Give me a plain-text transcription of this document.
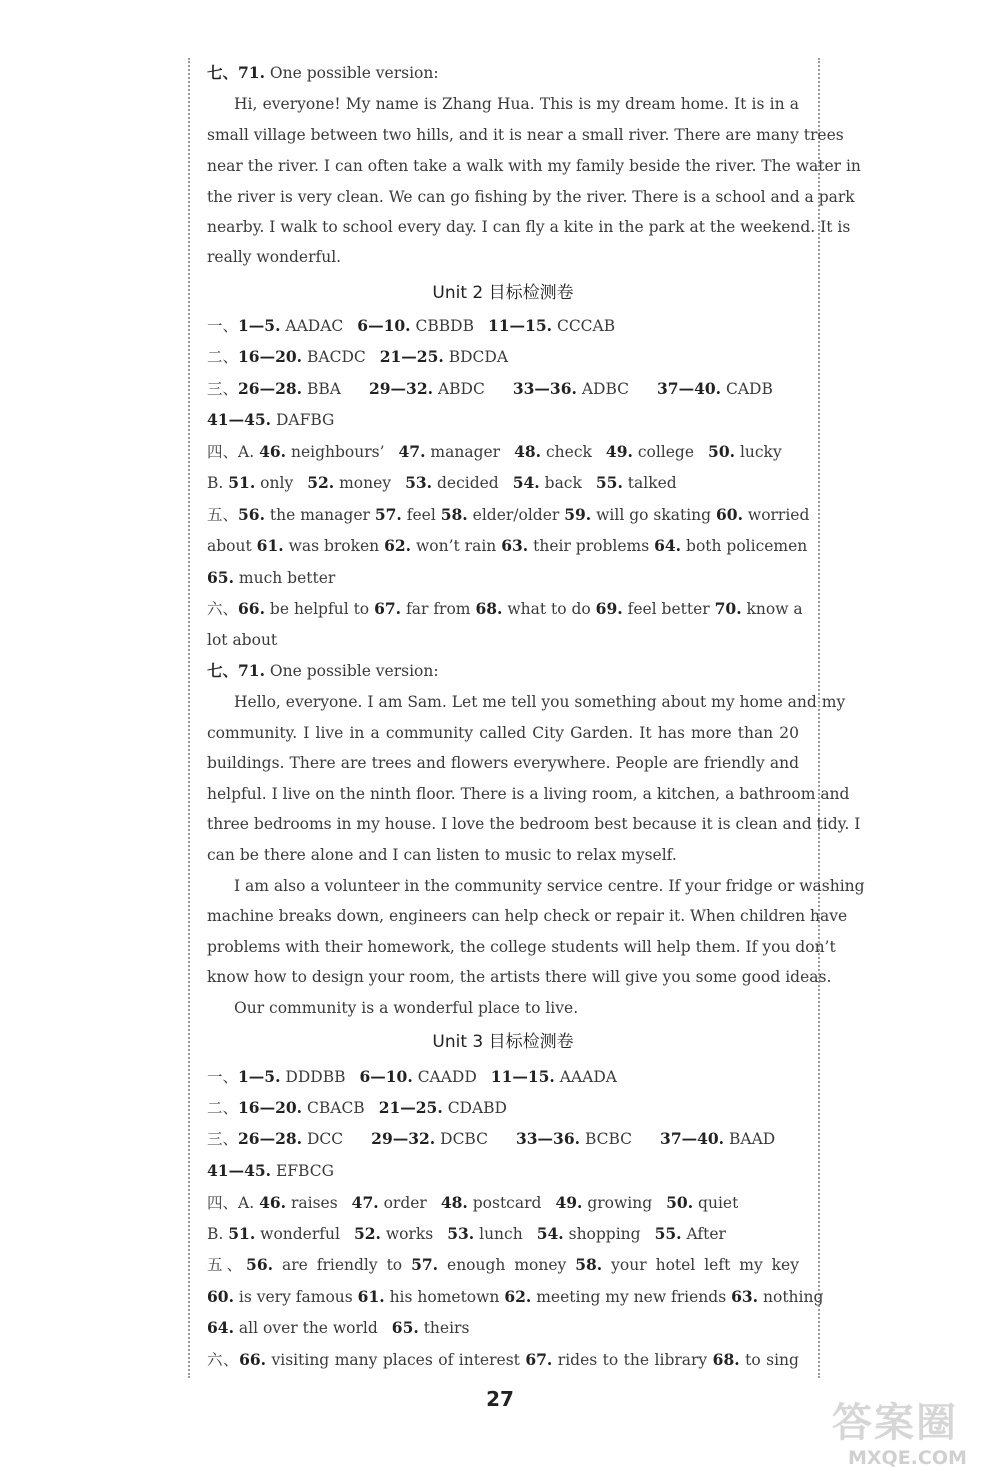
七、71. One possible version:
Hi, everyone! My name is Zhang Hua. This is my dream home. It is in a
small village between two hills, and it is near a small river. There are many trees
near the river. I can often take a walk with my family beside the river. The water in
the river is very clean. We can go fishing by the river. There is a school and a park
nearby. I walk to school every day. I can fly a kite in the park at the weekend. It is
really wonderful.
Unit 2 目标检测卷
一、1—5. AADAC 6—10. CBBDB 11—15. CCCAB
二、16—20. BACDC 21—25. BDCDA
三、26—28. BBA 29—32. ABDC 33—36. ADBC 37—40. CADB
41—45. DAFBG
四、A. 46. neighbours’ 47. manager 48. check 49. college 50. lucky
B. 51. only 52. money 53. decided 54. back 55. talked
五、56. the manager 57. feel 58. elder/older 59. will go skating 60. worried
about 61. was broken 62. won’t rain 63. their problems 64. both policemen
65. much better
六、66. be helpful to 67. far from 68. what to do 69. feel better 70. know a
lot about
七、71. One possible version:
Hello, everyone. I am Sam. Let me tell you something about my home and my
community. I live in a community called City Garden. It has more than 20
buildings. There are trees and flowers everywhere. People are friendly and
helpful. I live on the ninth floor. There is a living room, a kitchen, a bathroom and
three bedrooms in my house. I love the bedroom best because it is clean and tidy. I
can be there alone and I can listen to music to relax myself.
I am also a volunteer in the community service centre. If your fridge or washing
machine breaks down, engineers can help check or repair it. When children have
problems with their homework, the college students will help them. If you don’t
know how to design your room, the artists there will give you some good ideas.
Our community is a wonderful place to live.
Unit 3 目标检测卷
一、1—5. DDDBB 6—10. CAADD 11—15. AAADA
二、16—20. CBACB 21—25. CDABD
三、26—28. DCC 29—32. DCBC 33—36. BCBC 37—40. BAAD
41—45. EFBCG
四、A. 46. raises 47. order 48. postcard 49. growing 50. quiet
B. 51. wonderful 52. works 53. lunch 54. shopping 55. After
五、56. are friendly to 57. enough money 58. your hotel left my key
60. is very famous 61. his hometown 62. meeting my new friends 63. nothing
64. all over the world 65. theirs
六、66. visiting many places of interest 67. rides to the library 68. to sing
27
答案圈
MXQE.COM
